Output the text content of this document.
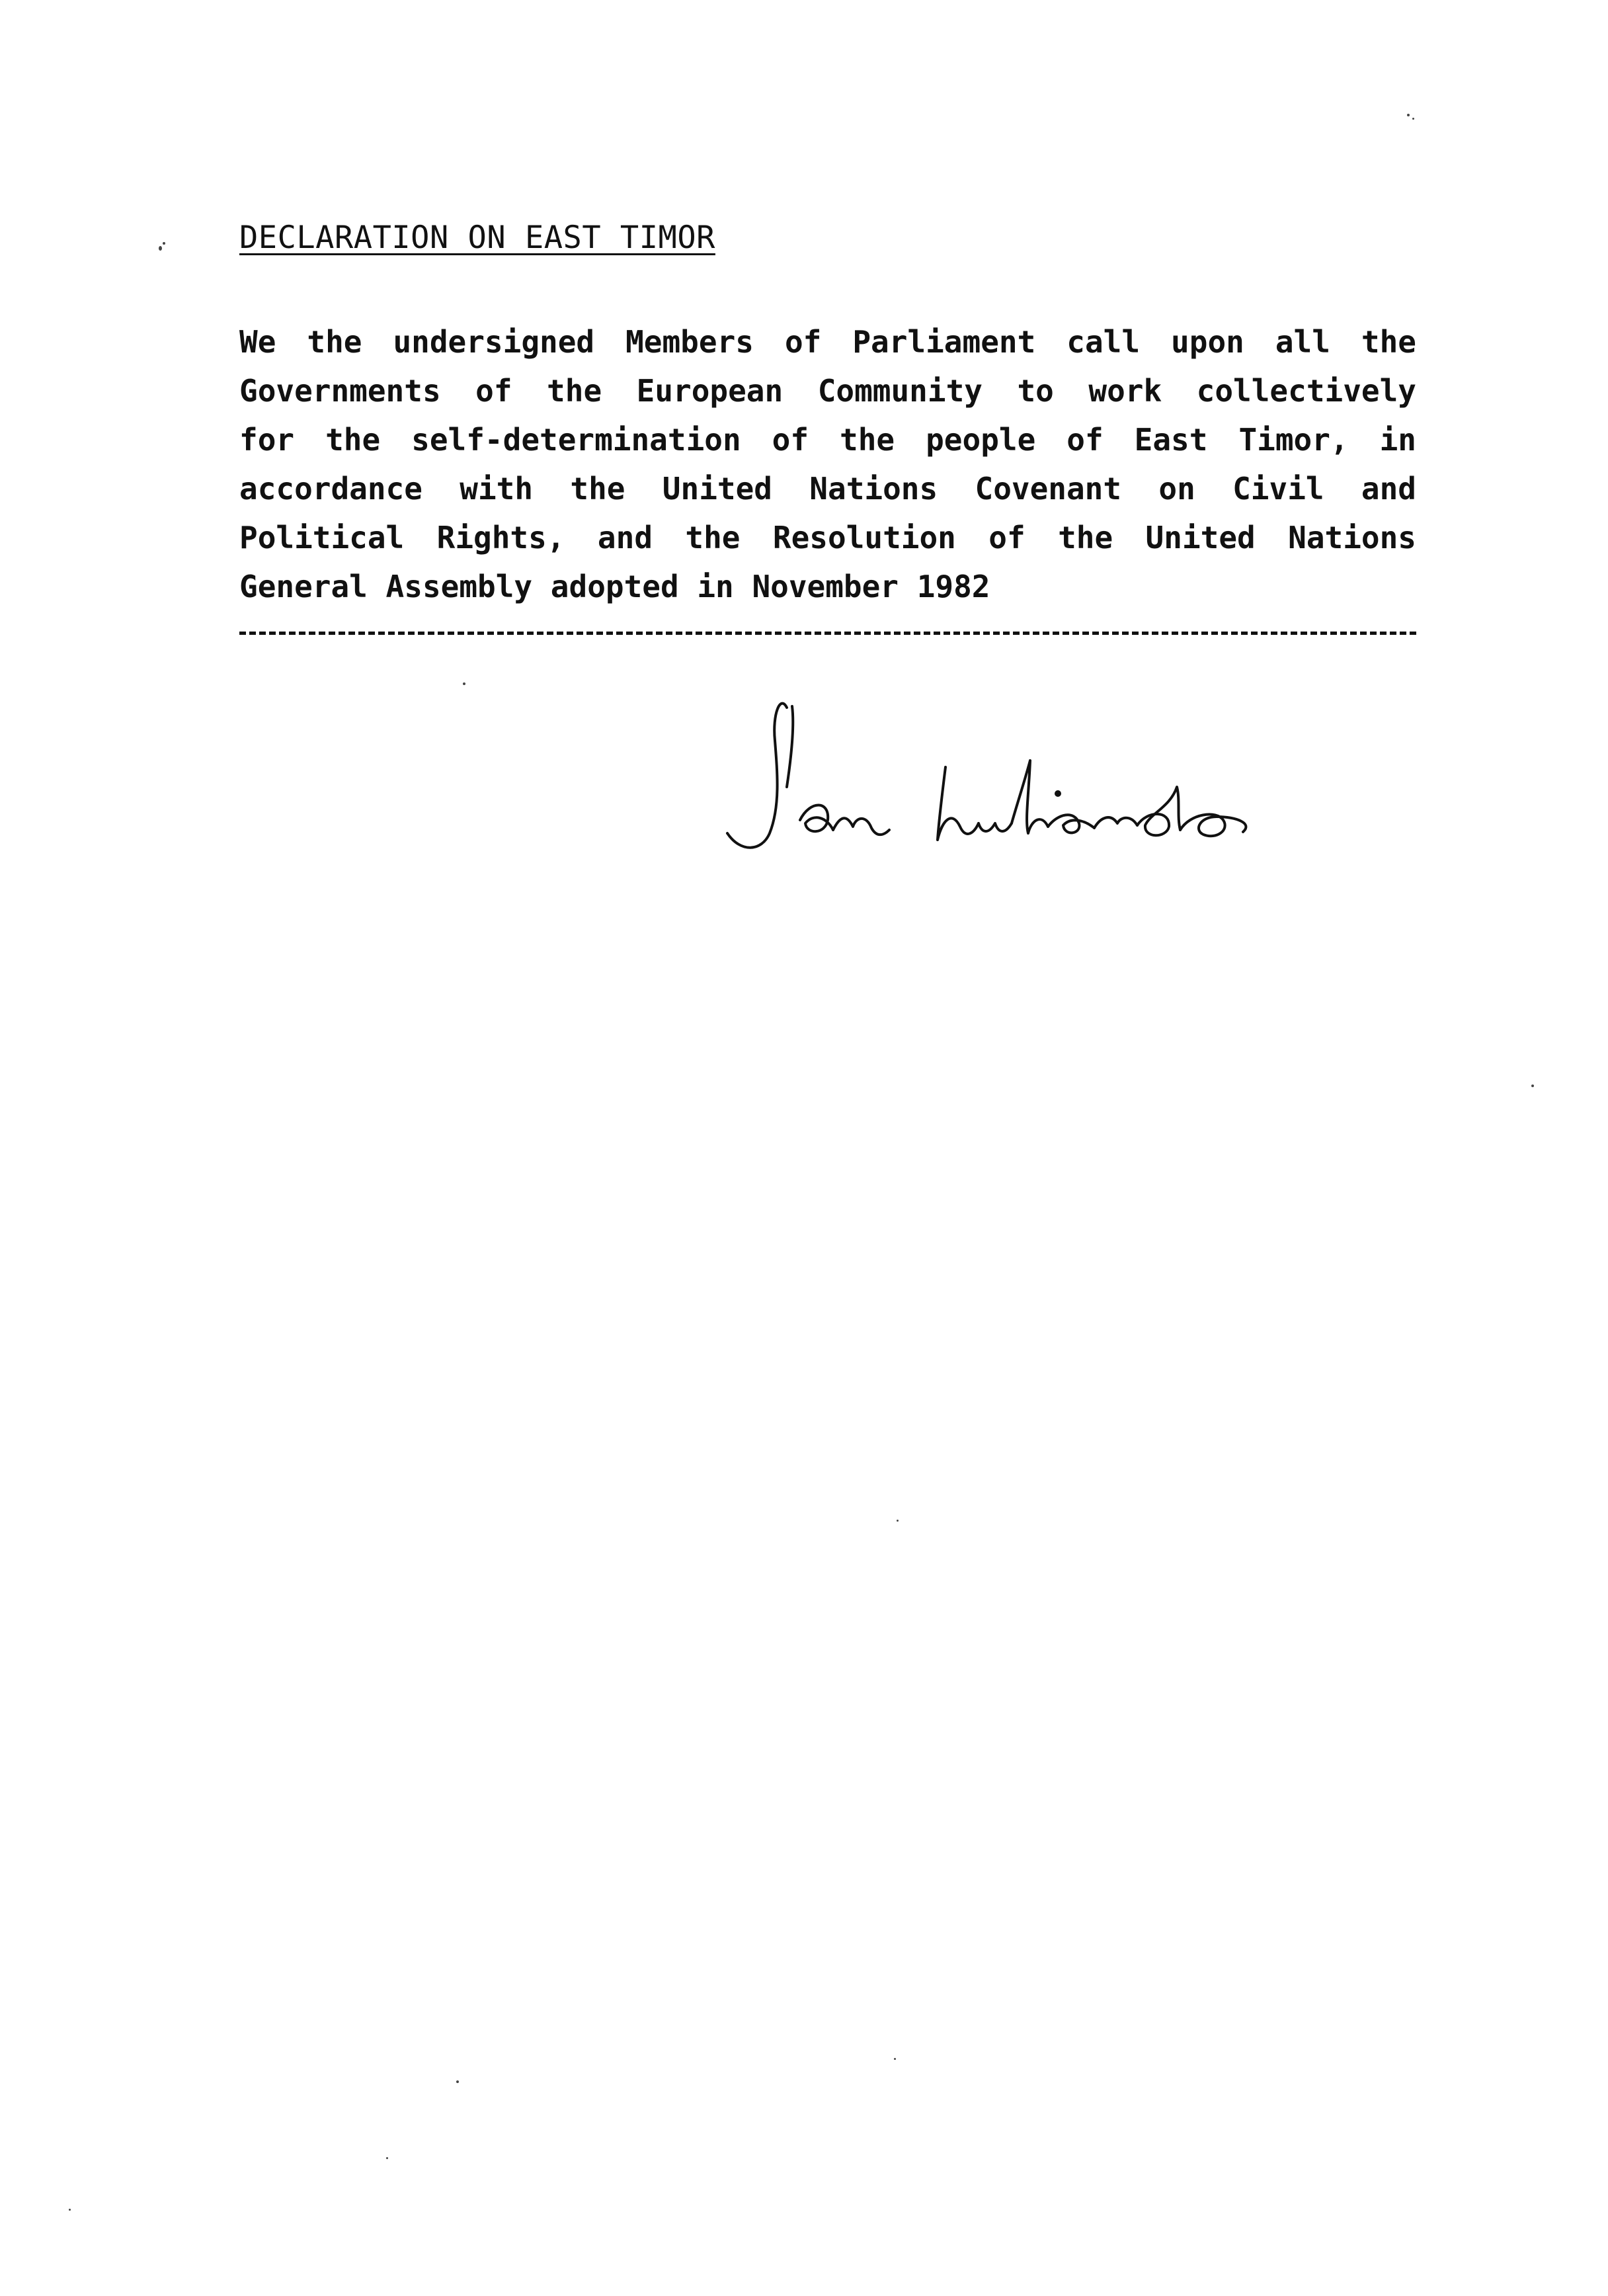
DECLARATION ON EAST TIMOR
We the undersigned Members of Parliament call upon all the
Governments of the European Community to work collectively
for the self-determination of the people of East Timor, in
accordance with the United Nations Covenant on Civil and
Political Rights, and the Resolution of the United Nations
General Assembly adopted in November 1982
